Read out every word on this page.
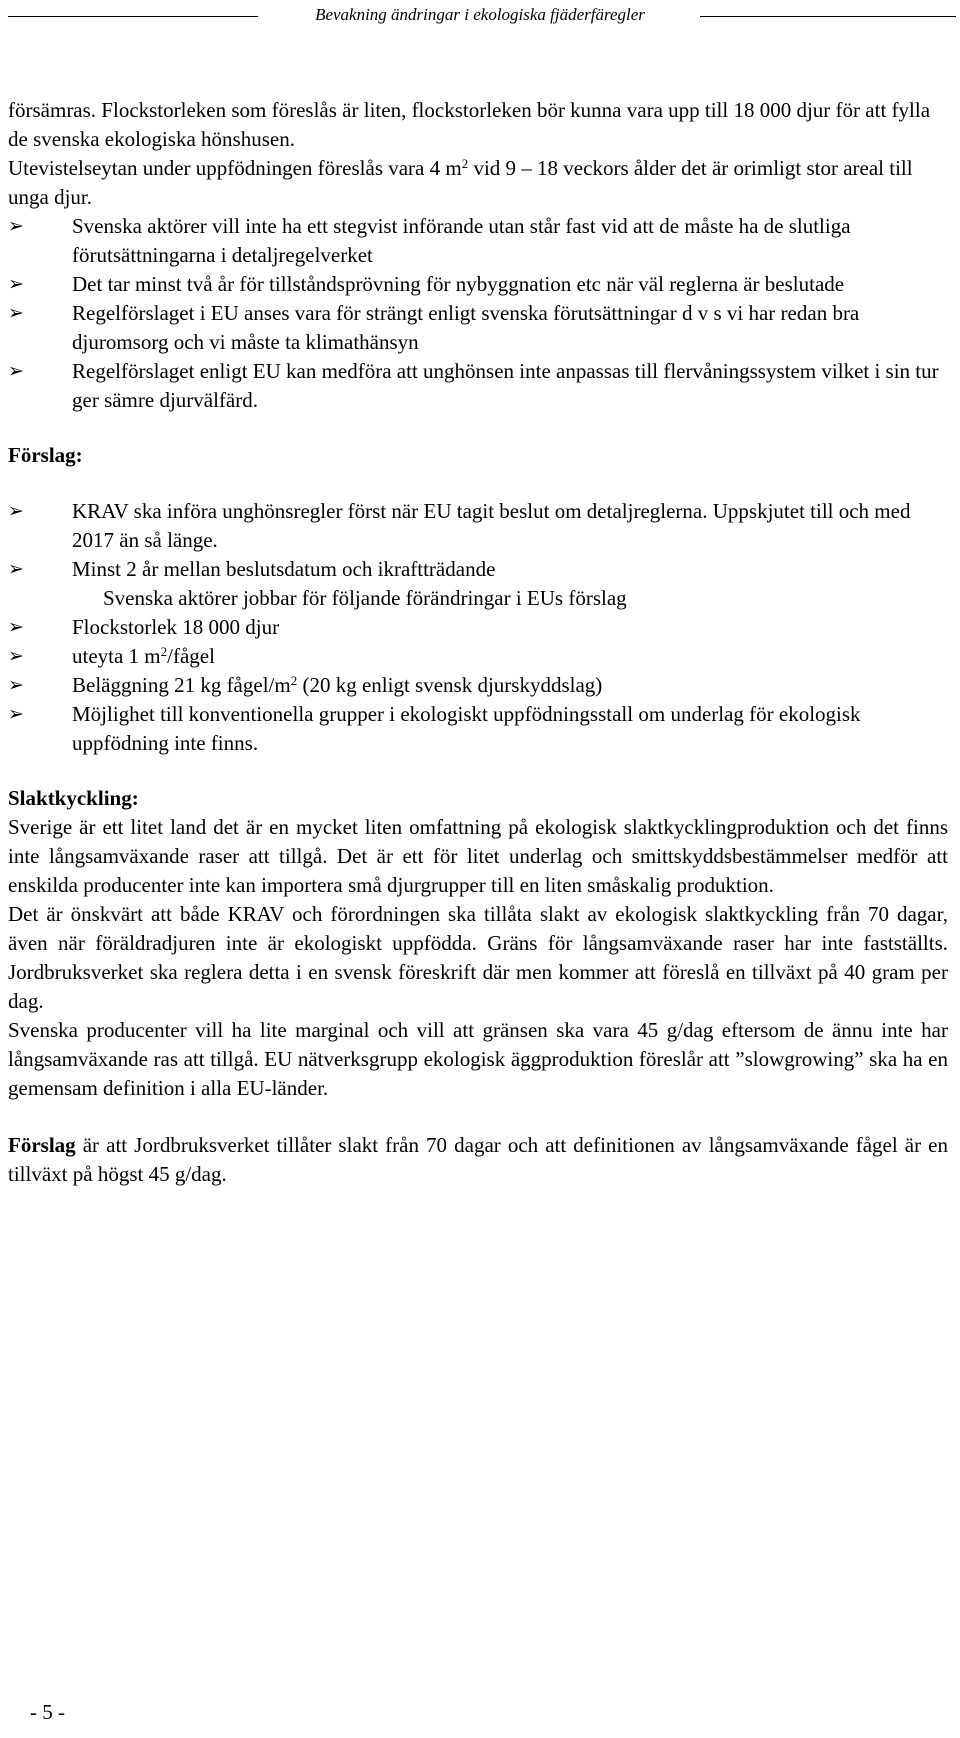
Bevakning ändringar i ekologiska fjäderfäregler

försämras. Flockstorleken som föreslås är liten, flockstorleken bör kunna vara upp till 18 000 djur för att fylla de svenska ekologiska hönshusen.

Utevistelseytan under uppfödningen föreslås vara 4 $m^2$ vid 9 – 18 veckors ålder det är orimligt stor areal till unga djur.

➢	Svenska aktörer vill inte ha ett stegvist införande utan står fast vid att de måste ha de slutliga förutsättningarna i detaljregelverket
➢	Det tar minst två år för tillståndsprövning för nybyggnation etc när väl reglerna är beslutade
➢	Regelförslaget i EU anses vara för strängt enligt svenska förutsättningar d v s vi har redan bra djuromsorg och vi måste ta klimathänsyn
➢	Regelförslaget enligt EU kan medföra att unghönsen inte anpassas till flervåningssystem vilket i sin tur ger sämre djurvälfärd.

Förslag:

➢	KRAV ska införa unghönsregler först när EU tagit beslut om detaljreglerna. Uppskjutet till och med 2017 än så länge.
➢	Minst 2 år mellan beslutsdatum och ikraftträdande

Svenska aktörer jobbar för följande förändringar i EUs förslag

➢	Flockstorlek 18 000 djur
➢	uteyta 1 $m^2$/fågel
➢	Beläggning 21 kg fågel/$m^2$ (20 kg enligt svensk djurskyddslag)
➢	Möjlighet till konventionella grupper i ekologiskt uppfödningsstall om underlag för ekologisk uppfödning inte finns.

Slaktkyckling:

Sverige är ett litet land det är en mycket liten omfattning på ekologisk slaktkycklingproduktion och det finns inte långsamväxande raser att tillgå. Det är ett för litet underlag och smittskyddsbestämmelser medför att enskilda producenter inte kan importera små djurgrupper till en liten småskalig produktion.

Det är önskvärt att både KRAV och förordningen ska tillåta slakt av ekologisk slaktkyckling från 70 dagar, även när föräldradjuren inte är ekologiskt uppfödda. Gräns för långsamväxande raser har inte fastställts. Jordbruksverket ska reglera detta i en svensk föreskrift där men kommer att föreslå en tillväxt på 40 gram per dag.

Svenska producenter vill ha lite marginal och vill att gränsen ska vara 45 g/dag eftersom de ännu inte har långsamväxande ras att tillgå. EU nätverksgrupp ekologisk äggproduktion föreslår att ”slowgrowing” ska ha en gemensam definition i alla EU-länder.

Förslag är att Jordbruksverket tillåter slakt från 70 dagar och att definitionen av långsamväxande fågel är en tillväxt på högst 45 g/dag.

- 5 -
